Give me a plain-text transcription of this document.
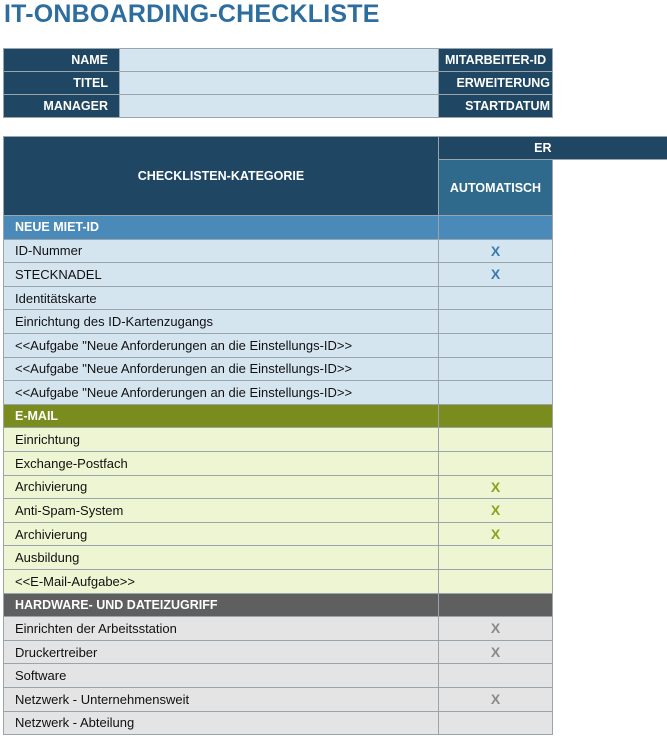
IT-ONBOARDING-CHECKLISTE
NAME	MITARBEITER-ID
TITEL	ERWEITERUNG
MANAGER	STARTDATUM
CHECKLISTEN-KATEGORIE
ER
AUTOMATISCH
NEUE MIET-ID
ID-Nummer	X
STECKNADEL	X
Identitätskarte
Einrichtung des ID-Kartenzugangs
<<Aufgabe "Neue Anforderungen an die Einstellungs-ID>>
<<Aufgabe "Neue Anforderungen an die Einstellungs-ID>>
<<Aufgabe "Neue Anforderungen an die Einstellungs-ID>>
E-MAIL
Einrichtung
Exchange-Postfach
Archivierung	X
Anti-Spam-System	X
Archivierung	X
Ausbildung
<<E-Mail-Aufgabe>>
HARDWARE- UND DATEIZUGRIFF
Einrichten der Arbeitsstation	X
Druckertreiber	X
Software
Netzwerk - Unternehmensweit	X
Netzwerk - Abteilung
